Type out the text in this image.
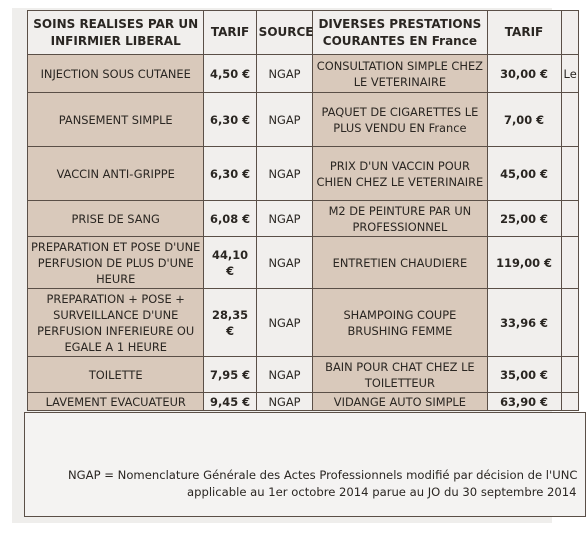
SOINS REALISES PAR UN INFIRMIER LIBERAL	TARIF	SOURCE	DIVERSES PRESTATIONS COURANTES EN France	TARIF	
INJECTION SOUS CUTANEE	4,50 €	NGAP	CONSULTATION SIMPLE CHEZ LE VETERINAIRE	30,00 €	Le
PANSEMENT SIMPLE	6,30 €	NGAP	PAQUET DE CIGARETTES LE PLUS VENDU EN France	7,00 €	
VACCIN ANTI-GRIPPE	6,30 €	NGAP	PRIX D'UN VACCIN POUR CHIEN CHEZ LE VETERINAIRE	45,00 €	
PRISE DE SANG	6,08 €	NGAP	M2 DE PEINTURE PAR UN PROFESSIONNEL	25,00 €	
PREPARATION ET POSE D'UNE PERFUSION DE PLUS D'UNE HEURE	44,10 €	NGAP	ENTRETIEN CHAUDIERE	119,00 €	
PREPARATION + POSE + SURVEILLANCE D'UNE PERFUSION INFERIEURE OU EGALE A 1 HEURE	28,35 €	NGAP	SHAMPOING COUPE BRUSHING FEMME	33,96 €	
TOILETTE	7,95 €	NGAP	BAIN POUR CHAT CHEZ LE TOILETTEUR	35,00 €	
LAVEMENT EVACUATEUR	9,45 €	NGAP	VIDANGE AUTO SIMPLE	63,90 €	
NGAP = Nomenclature Générale des Actes Professionnels modifié par décision de l'UNC
applicable au 1er octobre 2014 parue au JO du 30 septembre 2014
